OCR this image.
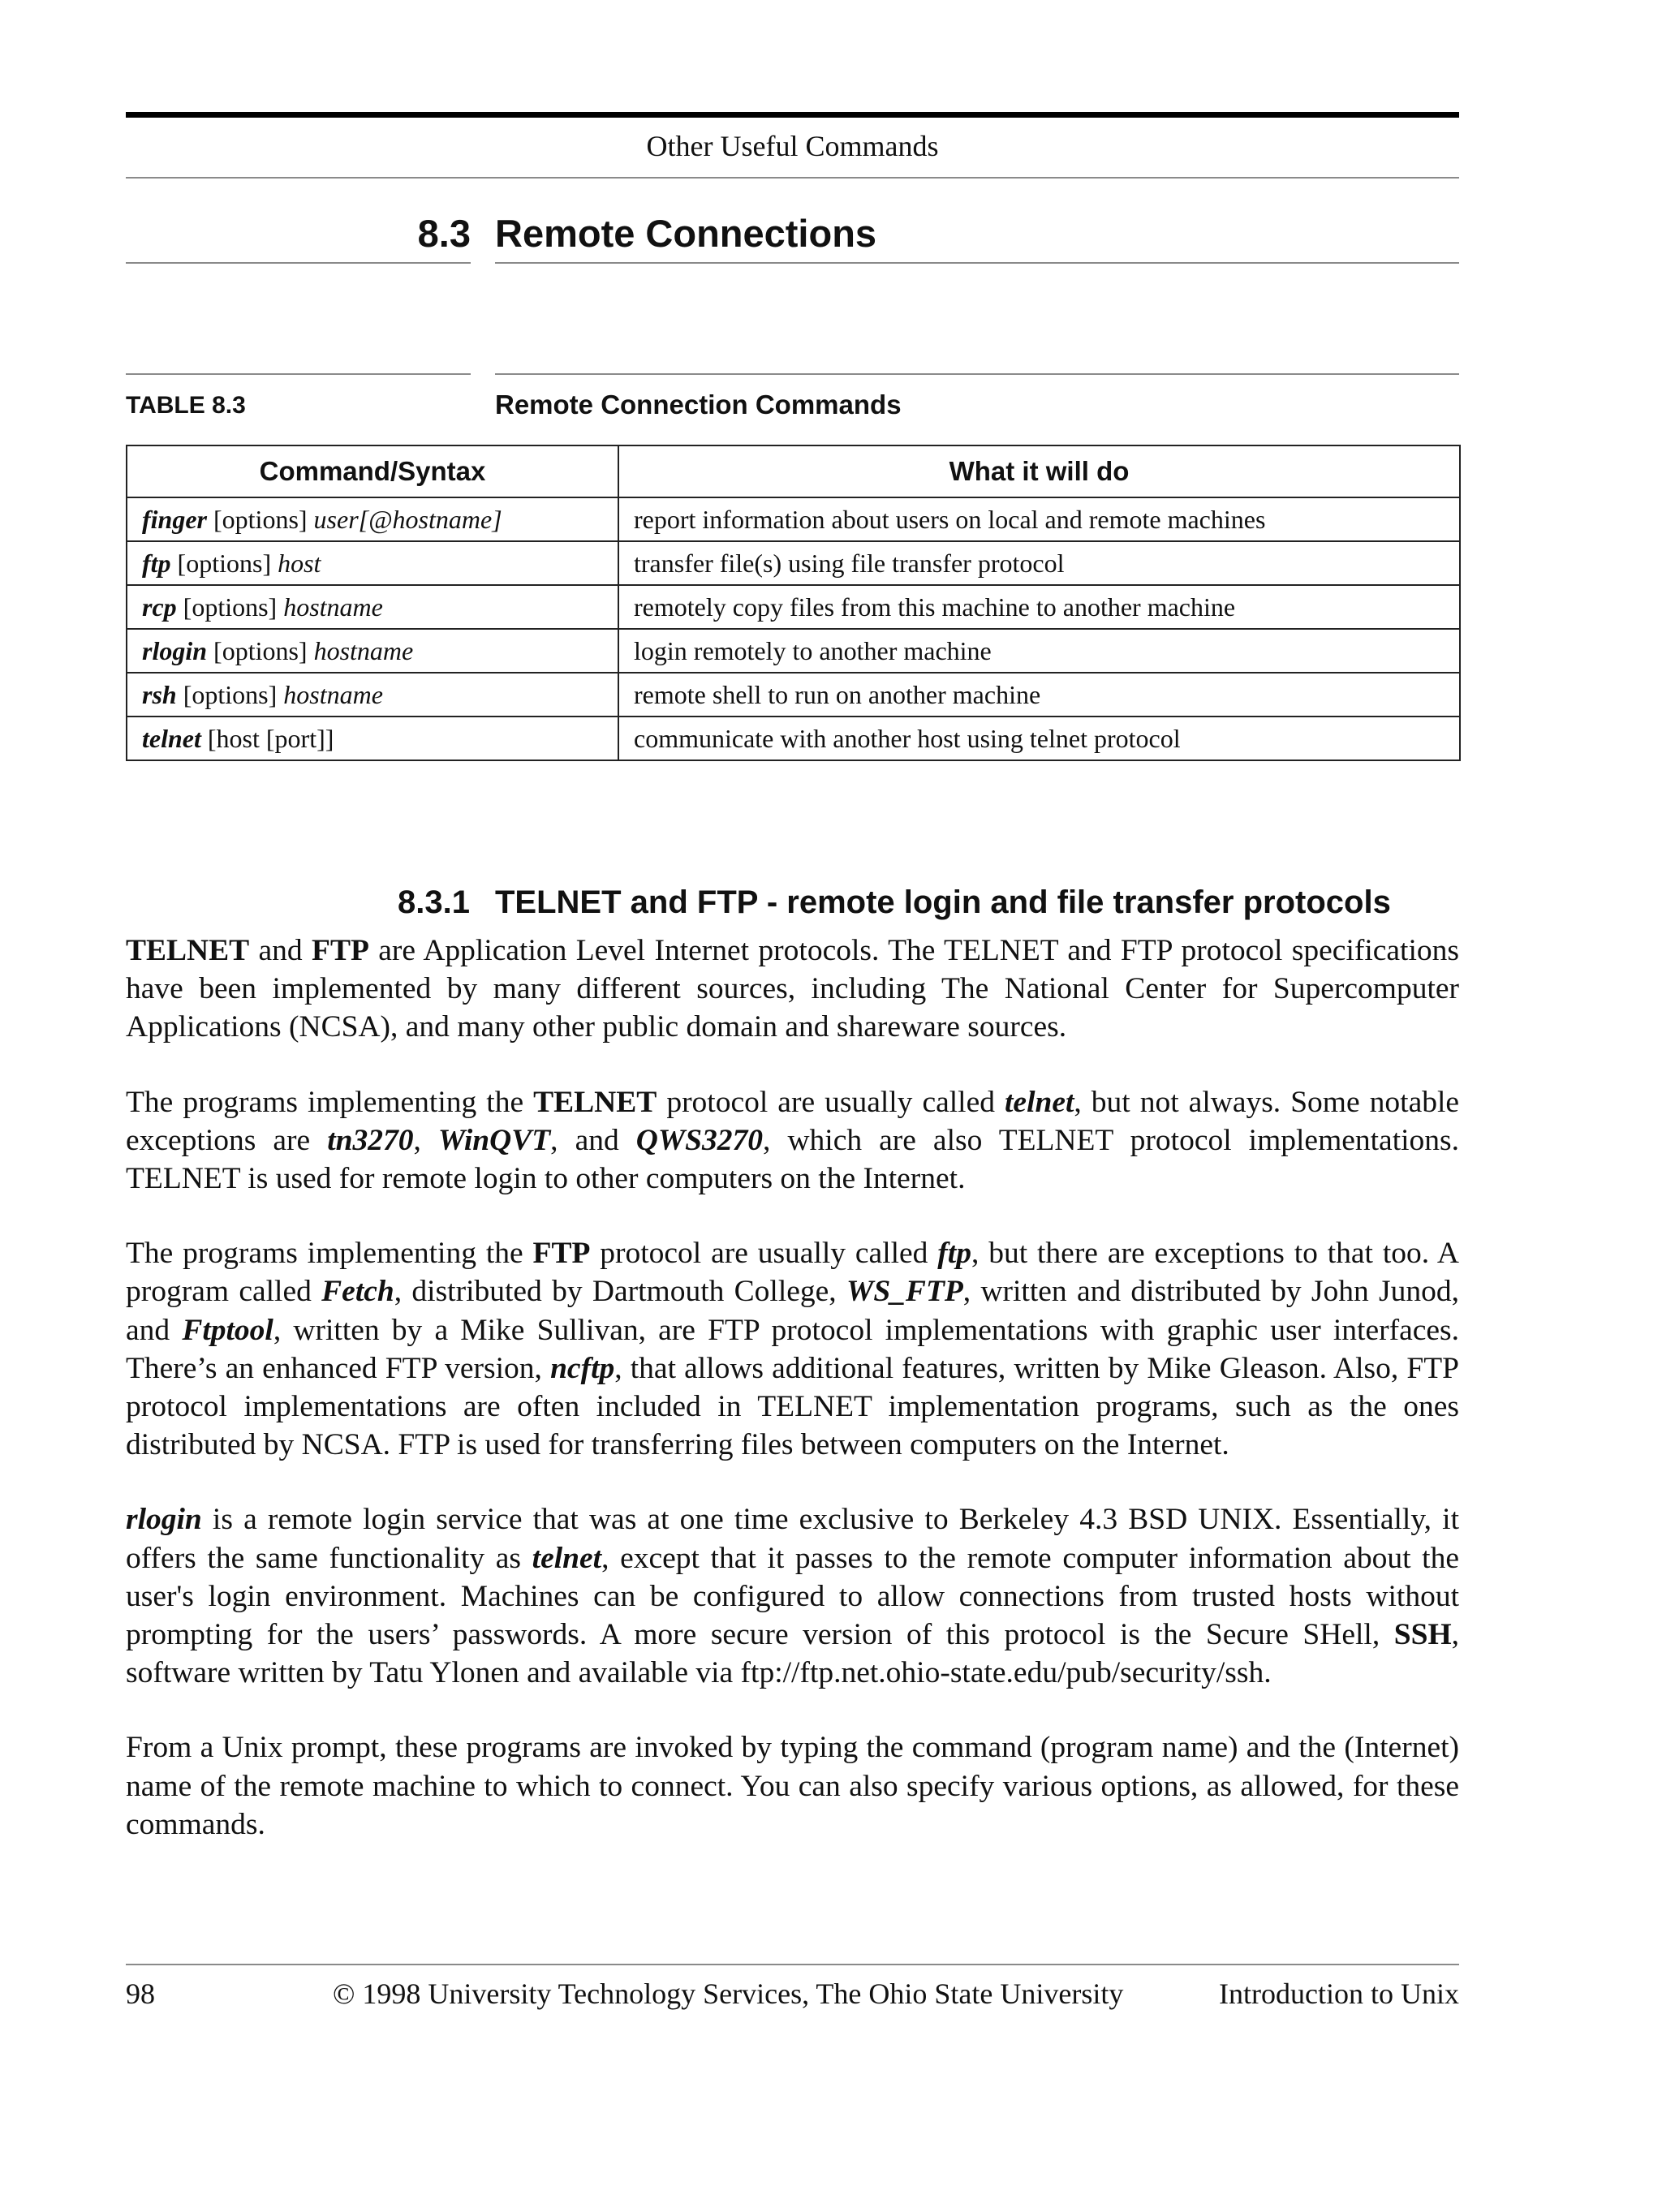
Other Useful Commands
8.3 Remote Connections
TABLE 8.3	Remote Connection Commands
Command/Syntax	What it will do
finger [options] user[@hostname]	report information about users on local and remote machines
ftp [options] host	transfer file(s) using file transfer protocol
rcp [options] hostname	remotely copy files from this machine to another machine
rlogin [options] hostname	login remotely to another machine
rsh [options] hostname	remote shell to run on another machine
telnet [host [port]]	communicate with another host using telnet protocol
8.3.1 TELNET and FTP - remote login and file transfer protocols

TELNET and FTP are Application Level Internet protocols. The TELNET and FTP protocol specifications have been implemented by many different sources, including The National Center for Supercomputer Applications (NCSA), and many other public domain and shareware sources.

The programs implementing the TELNET protocol are usually called telnet, but not always. Some notable exceptions are tn3270, WinQVT, and QWS3270, which are also TELNET protocol implementations. TELNET is used for remote login to other computers on the Internet.

The programs implementing the FTP protocol are usually called ftp, but there are exceptions to that too. A program called Fetch, distributed by Dartmouth College, WS_FTP, written and distributed by John Junod, and Ftptool, written by a Mike Sullivan, are FTP protocol implementations with graphic user interfaces. There’s an enhanced FTP version, ncftp, that allows additional features, written by Mike Gleason. Also, FTP protocol implementations are often included in TELNET implementation programs, such as the ones distributed by NCSA. FTP is used for transferring files between computers on the Internet.

rlogin is a remote login service that was at one time exclusive to Berkeley 4.3 BSD UNIX. Essentially, it offers the same functionality as telnet, except that it passes to the remote computer information about the user's login environment. Machines can be configured to allow connections from trusted hosts without prompting for the users’ passwords. A more secure version of this protocol is the Secure SHell, SSH, software written by Tatu Ylonen and available via ftp://ftp.net.ohio-state.edu/pub/security/ssh.

From a Unix prompt, these programs are invoked by typing the command (program name) and the (Internet) name of the remote machine to which to connect. You can also specify various options, as allowed, for these commands.

98	© 1998 University Technology Services, The Ohio State University	Introduction to Unix
